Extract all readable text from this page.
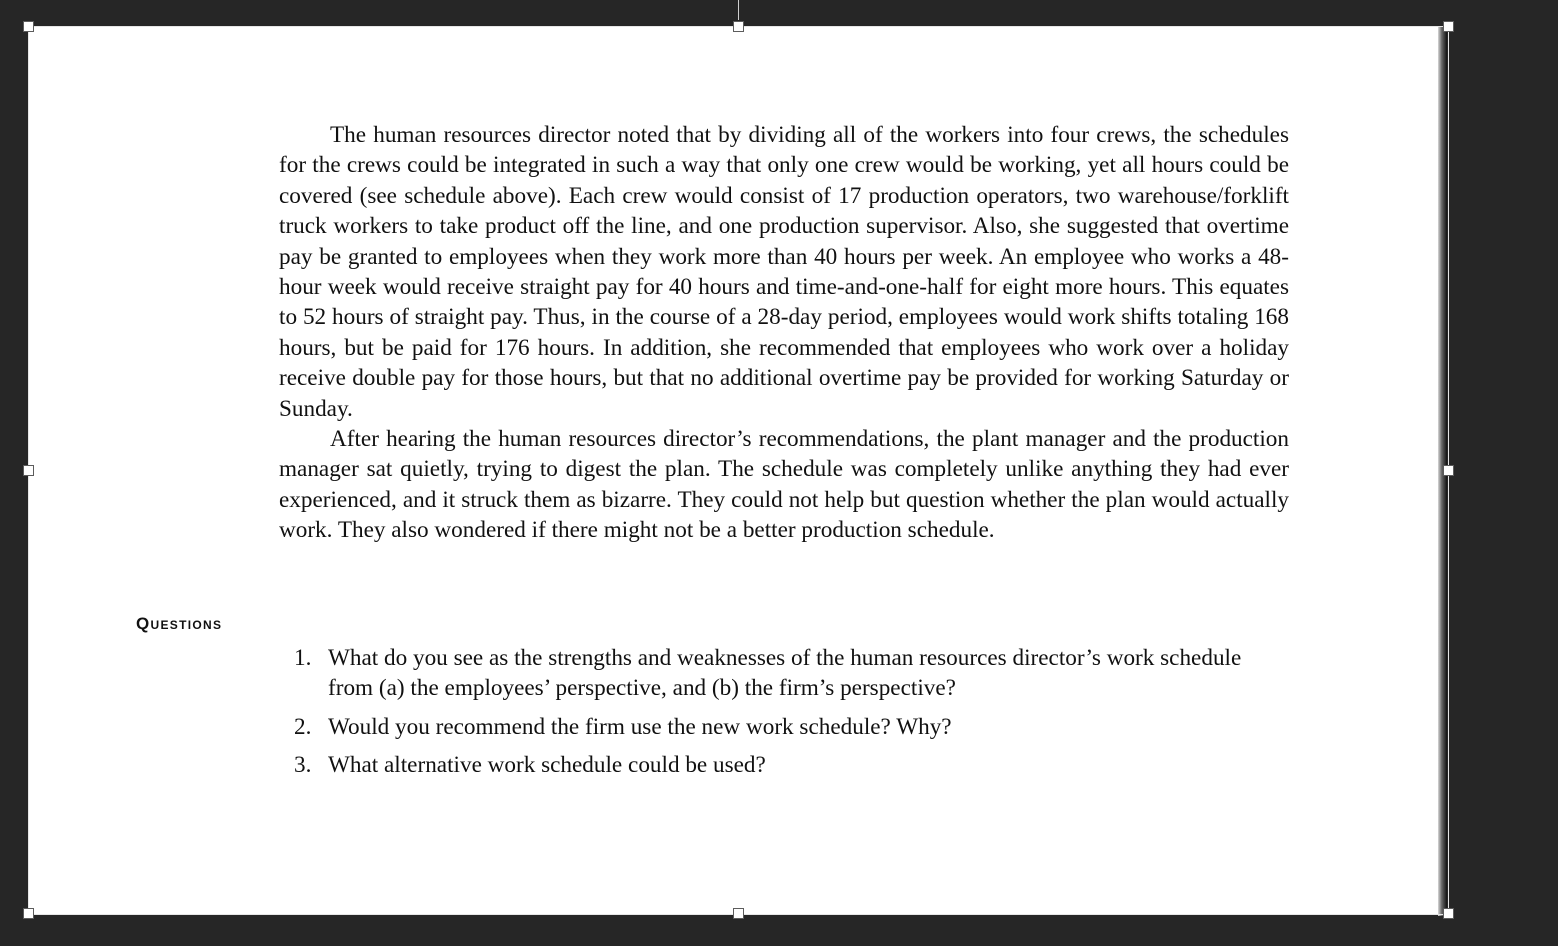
The human resources director noted that by dividing all of the workers into four crews, the schedules for the crews could be integrated in such a way that only one crew would be working, yet all hours could be covered (see schedule above). Each crew would consist of 17 production operators, two warehouse/forklift truck workers to take product off the line, and one production supervisor. Also, she suggested that overtime pay be granted to employees when they work more than 40 hours per week. An employee who works a 48-hour week would receive straight pay for 40 hours and time-and-one-half for eight more hours. This equates to 52 hours of straight pay. Thus, in the course of a 28-day period, employees would work shifts totaling 168 hours, but be paid for 176 hours. In addition, she recommended that employees who work over a holiday receive double pay for those hours, but that no additional overtime pay be provided for working Saturday or Sunday.

After hearing the human resources director’s recommendations, the plant manager and the production manager sat quietly, trying to digest the plan. The schedule was completely unlike anything they had ever experienced, and it struck them as bizarre. They could not help but question whether the plan would actually work. They also wondered if there might not be a better production schedule.

Questions
1. What do you see as the strengths and weaknesses of the human resources director’s work schedule from (a) the employees’ perspective, and (b) the firm’s perspective?
2. Would you recommend the firm use the new work schedule? Why?
3. What alternative work schedule could be used?
